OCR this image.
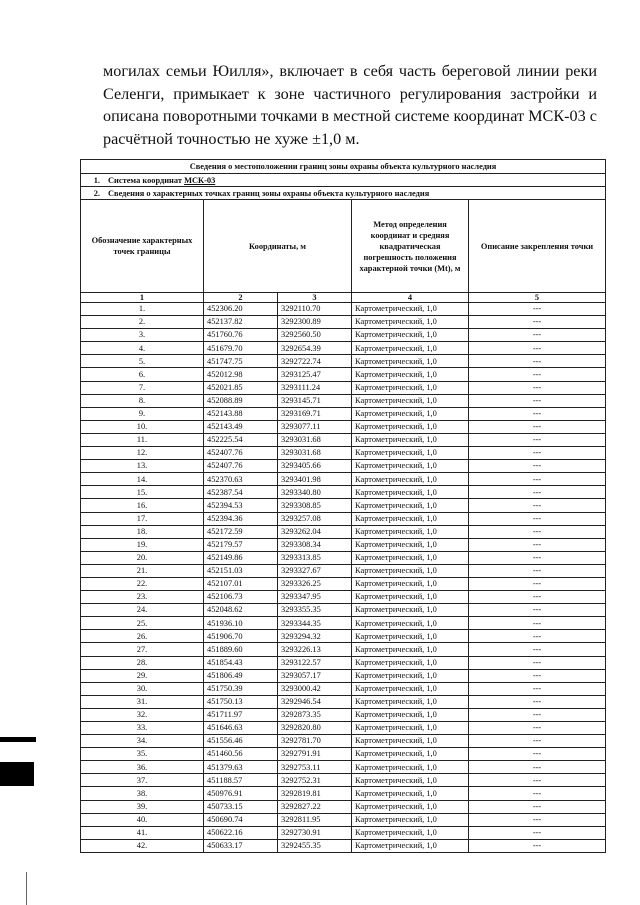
могилах семьи Юилля», включает в себя часть береговой линии реки Селенги, примыкает к зоне частичного регулирования застройки и описана поворотными точками в местной системе координат МСК-03 с расчётной точностью не хуже ±1,0 м.
Сведения о местоположении границ зоны охраны объекта культурного наследия				
1. Система координат МСК-03				
2. Сведения о характерных точках границ зоны охраны объекта культурного наследия				
Обозначение характерных точек границы	Координаты, м		Метод определения координат и средняя квадратическая погрешность положения характерной точки (Mt), м	Описание закрепления точки
1	2	3	4	5
1.	452306.20	3292110.70	Картометрический, 1,0	---
2.	452137.82	3292300.89	Картометрический, 1,0	---
3.	451760.76	3292560.50	Картометрический, 1,0	---
4.	451679.70	3292654.39	Картометрический, 1,0	---
5.	451747.75	3292722.74	Картометрический, 1,0	---
6.	452012.98	3293125.47	Картометрический, 1,0	---
7.	452021.85	3293111.24	Картометрический, 1,0	---
8.	452088.89	3293145.71	Картометрический, 1,0	---
9.	452143.88	3293169.71	Картометрический, 1,0	---
10.	452143.49	3293077.11	Картометрический, 1,0	---
11.	452225.54	3293031.68	Картометрический, 1,0	---
12.	452407.76	3293031.68	Картометрический, 1,0	---
13.	452407.76	3293405.66	Картометрический, 1,0	---
14.	452370.63	3293401.98	Картометрический, 1,0	---
15.	452387.54	3293340.80	Картометрический, 1,0	---
16.	452394.53	3293308.85	Картометрический, 1,0	---
17.	452394.36	3293257.08	Картометрический, 1,0	---
18.	452172.59	3293262.04	Картометрический, 1,0	---
19.	452179.57	3293308.34	Картометрический, 1,0	---
20.	452149.86	3293313.85	Картометрический, 1,0	---
21.	452151.03	3293327.67	Картометрический, 1,0	---
22.	452107.01	3293326.25	Картометрический, 1,0	---
23.	452106.73	3293347.95	Картометрический, 1,0	---
24.	452048.62	3293355.35	Картометрический, 1,0	---
25.	451936.10	3293344.35	Картометрический, 1,0	---
26.	451906.70	3293294.32	Картометрический, 1,0	---
27.	451889.60	3293226.13	Картометрический, 1,0	---
28.	451854.43	3293122.57	Картометрический, 1,0	---
29.	451806.49	3293057.17	Картометрический, 1,0	---
30.	451750.39	3293000.42	Картометрический, 1,0	---
31.	451750.13	3292946.54	Картометрический, 1,0	---
32.	451711.97	3292873.35	Картометрический, 1,0	---
33.	451646.63	3292820.80	Картометрический, 1,0	---
34.	451556.46	3292781.70	Картометрический, 1,0	---
35.	451460.56	3292791.91	Картометрический, 1,0	---
36.	451379.63	3292753.11	Картометрический, 1,0	---
37.	451188.57	3292752.31	Картометрический, 1,0	---
38.	450976.91	3292819.81	Картометрический, 1,0	---
39.	450733.15	3292827.22	Картометрический, 1,0	---
40.	450690.74	3292811.95	Картометрический, 1,0	---
41.	450622.16	3292730.91	Картометрический, 1,0	---
42.	450633.17	3292455.35	Картометрический, 1,0	---
